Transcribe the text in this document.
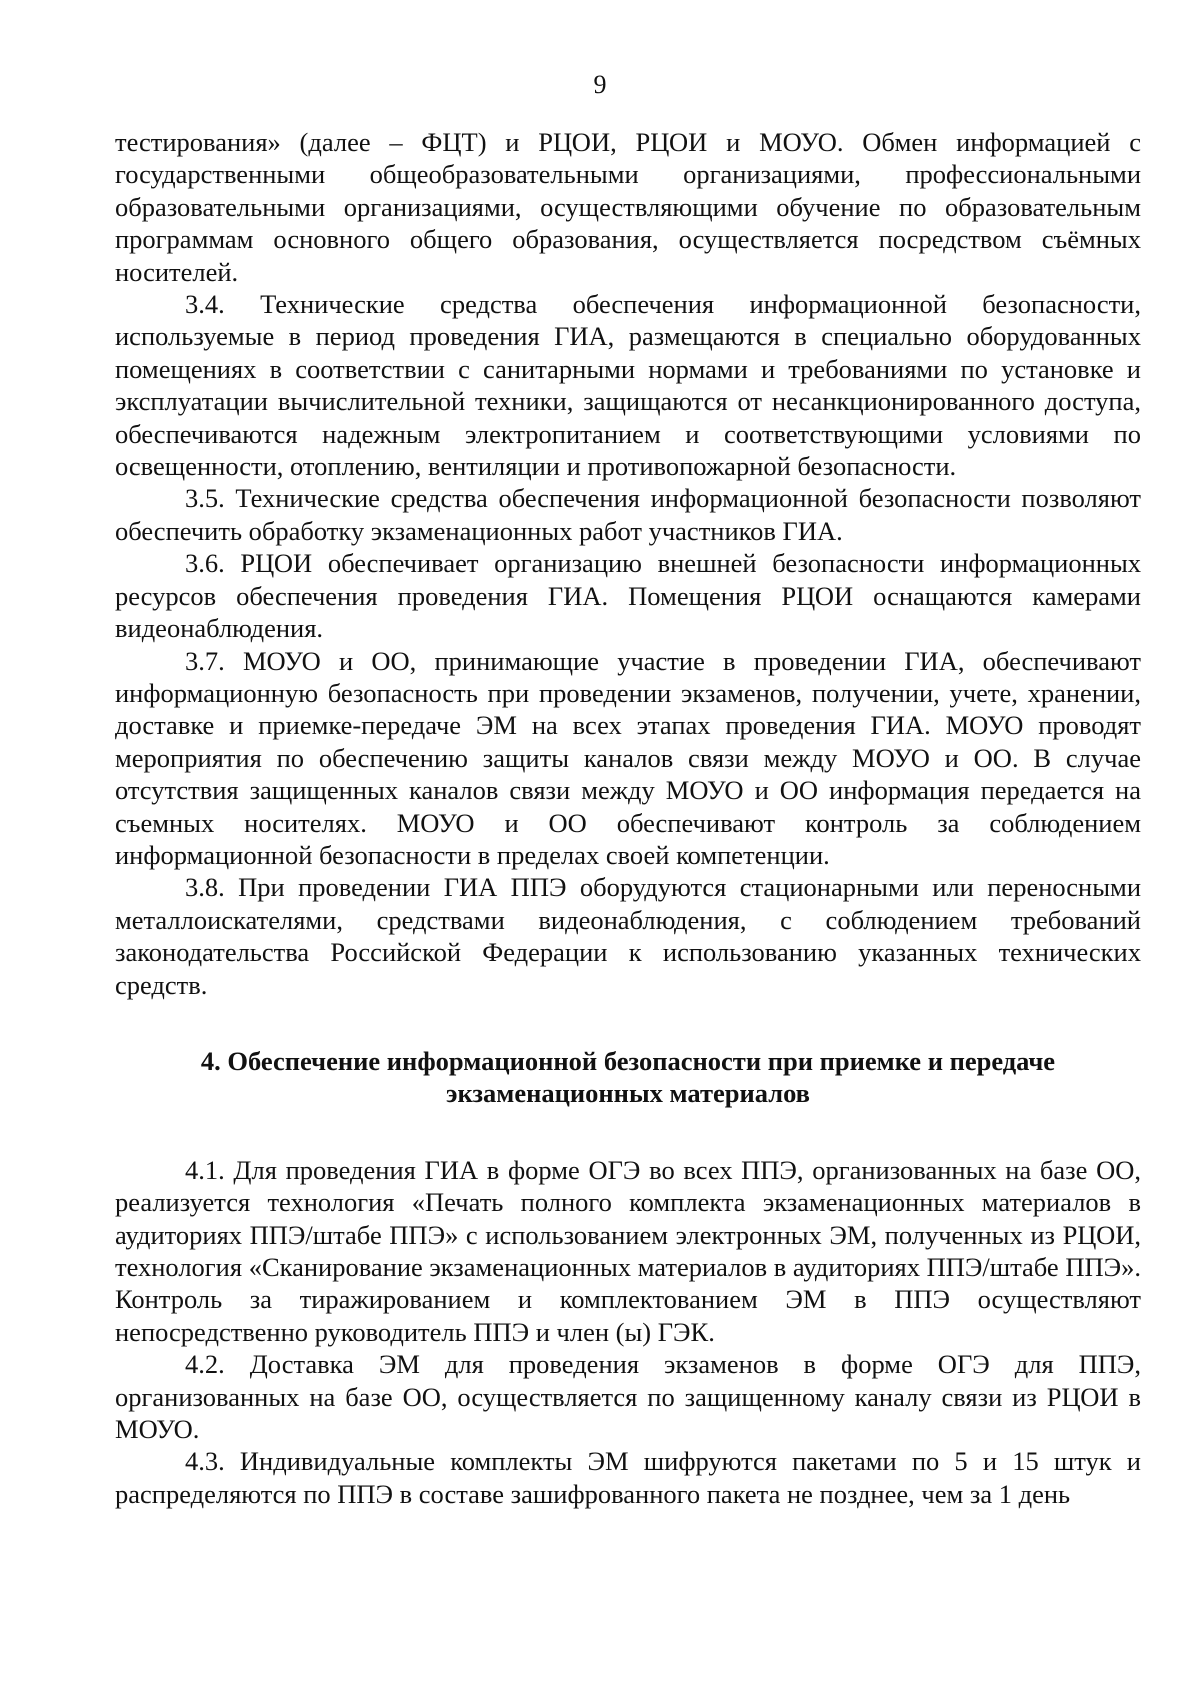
9

тестирования» (далее – ФЦТ) и РЦОИ, РЦОИ и МОУО. Обмен информацией с государственными общеобразовательными организациями, профессиональными образовательными организациями, осуществляющими обучение по образовательным программам основного общего образования, осуществляется посредством съёмных носителей.

3.4. Технические средства обеспечения информационной безопасности, используемые в период проведения ГИА, размещаются в специально оборудованных помещениях в соответствии с санитарными нормами и требованиями по установке и эксплуатации вычислительной техники, защищаются от несанкционированного доступа, обеспечиваются надежным электропитанием и соответствующими условиями по освещенности, отоплению, вентиляции и противопожарной безопасности.

3.5. Технические средства обеспечения информационной безопасности позволяют обеспечить обработку экзаменационных работ участников ГИА.

3.6. РЦОИ обеспечивает организацию внешней безопасности информационных ресурсов обеспечения проведения ГИА. Помещения РЦОИ оснащаются камерами видеонаблюдения.

3.7. МОУО и ОО, принимающие участие в проведении ГИА, обеспечивают информационную безопасность при проведении экзаменов, получении, учете, хранении, доставке и приемке-передаче ЭМ на всех этапах проведения ГИА. МОУО проводят мероприятия по обеспечению защиты каналов связи между МОУО и ОО. В случае отсутствия защищенных каналов связи между МОУО и ОО информация передается на съемных носителях. МОУО и ОО обеспечивают контроль за соблюдением информационной безопасности в пределах своей компетенции.

3.8. При проведении ГИА ППЭ оборудуются стационарными или переносными металлоискателями, средствами видеонаблюдения, с соблюдением требований законодательства Российской Федерации к использованию указанных технических средств.

4. Обеспечение информационной безопасности при приемке и передаче
экзаменационных материалов

4.1. Для проведения ГИА в форме ОГЭ во всех ППЭ, организованных на базе ОО, реализуется технология «Печать полного комплекта экзаменационных материалов в аудиториях ППЭ/штабе ППЭ» с использованием электронных ЭМ, полученных из РЦОИ, технология «Сканирование экзаменационных материалов в аудиториях ППЭ/штабе ППЭ». Контроль за тиражированием и комплектованием ЭМ в ППЭ осуществляют непосредственно руководитель ППЭ и член (ы) ГЭК.

4.2. Доставка ЭМ для проведения экзаменов в форме ОГЭ для ППЭ, организованных на базе ОО, осуществляется по защищенному каналу связи из РЦОИ в МОУО.

4.3. Индивидуальные комплекты ЭМ шифруются пакетами по 5 и 15 штук и распределяются по ППЭ в составе зашифрованного пакета не позднее, чем за 1 день
